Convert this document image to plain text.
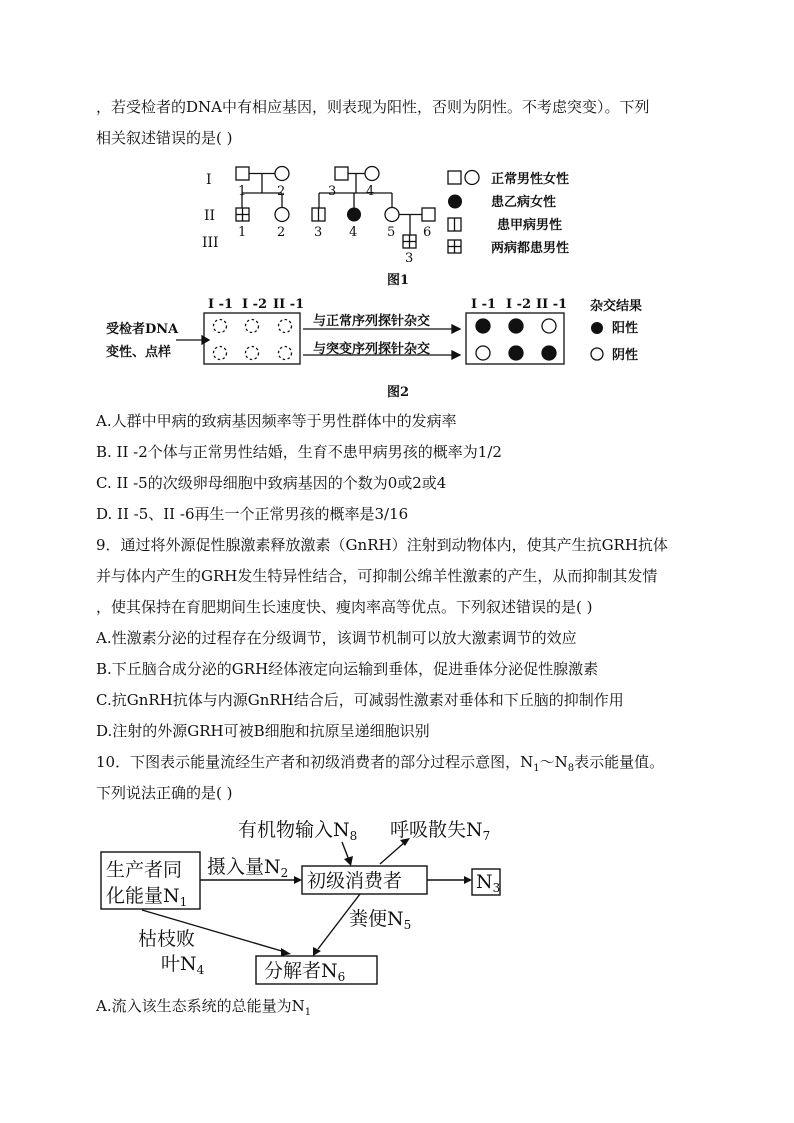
，若受检者的DNA中有相应基因，则表现为阳性，否则为阴性。不考虑突变）。下列
相关叙述错误的是( )
I
II
III
1 2	3 4
1 2 3 4 5 6
3
正常男性女性
患乙病女性
患甲病男性
两病都患男性
图1
I -1 I -2 II -1	I -1 I -2 II -1 杂交结果
受检者DNA
变性、点样
与正常序列探针杂交
与突变序列探针杂交
阳性
阴性
图2
A.人群中甲病的致病基因频率等于男性群体中的发病率
B. II -2个体与正常男性结婚，生育不患甲病男孩的概率为1/2
C. II -5的次级卵母细胞中致病基因的个数为0或2或4
D. II -5、II -6再生一个正常男孩的概率是3/16
9．通过将外源促性腺激素释放激素（GnRH）注射到动物体内，使其产生抗GRH抗体
并与体内产生的GRH发生特异性结合，可抑制公绵羊性激素的产生，从而抑制其发情
，使其保持在育肥期间生长速度快、瘦肉率高等优点。下列叙述错误的是( )
A.性激素分泌的过程存在分级调节，该调节机制可以放大激素调节的效应
B.下丘脑合成分泌的GRH经体液定向运输到垂体，促进垂体分泌促性腺激素
C.抗GnRH抗体与内源GnRH结合后，可减弱性激素对垂体和下丘脑的抑制作用
D.注射的外源GRH可被B细胞和抗原呈递细胞识别
10．下图表示能量流经生产者和初级消费者的部分过程示意图，$N_1\sim N_8$表示能量值。
下列说法正确的是( )
生产者同
化能量$N_1$
摄入量$N_2$ 初级消费者	$N_3$
有机物输入$N_8$ 呼吸散失$N_7$
粪便$N_5$
枯枝败
叶$N_4$	分解者$N_6$
A.流入该生态系统的总能量为$N_1$
